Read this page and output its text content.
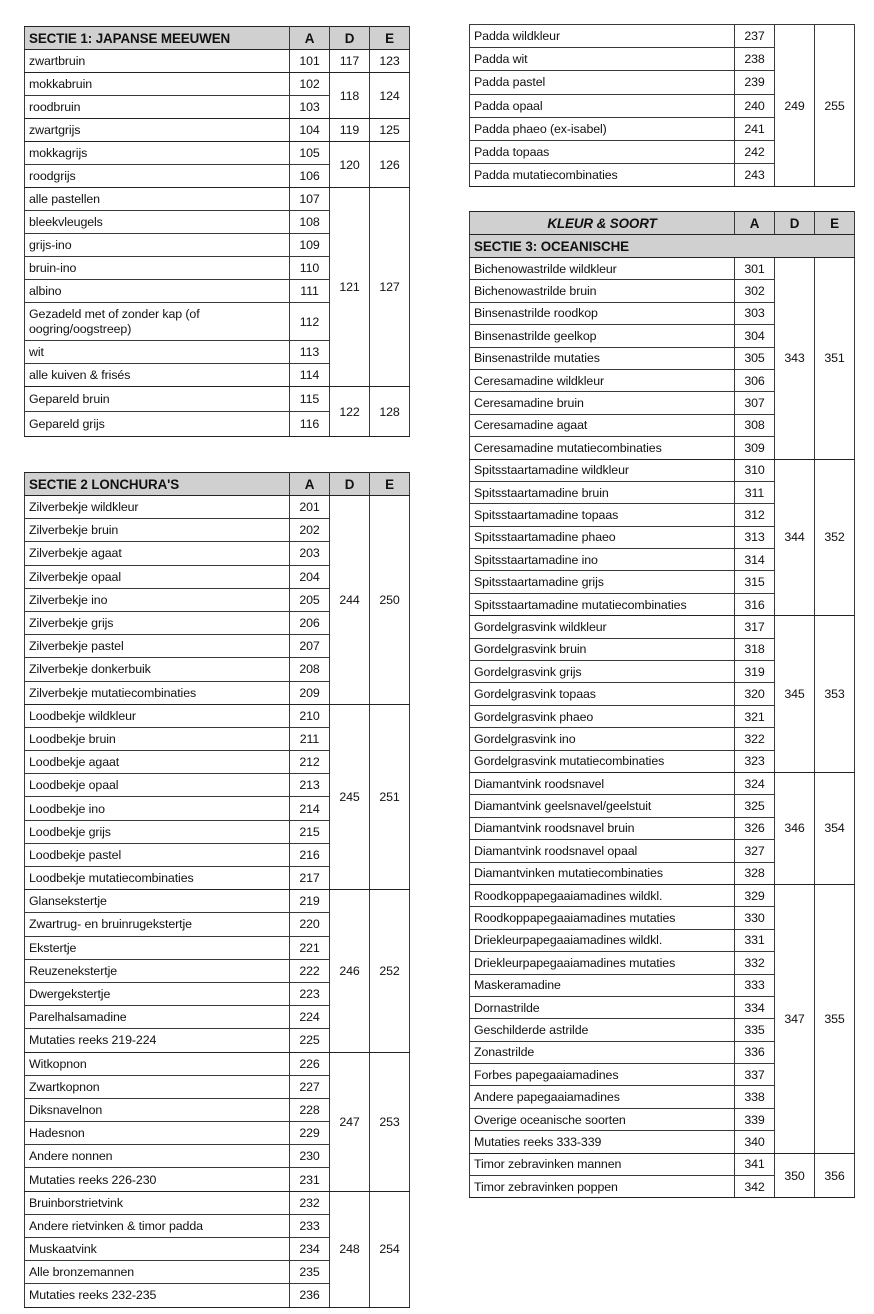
SECTIE 1: JAPANSE MEEUWEN	A	D	E
zwartbruin	101	117	123
mokkabruin	102	118	124
roodbruin	103		
zwartgrijs	104	119	125
mokkagrijs	105	120	126
roodgrijs	106		
alle pastellen	107	121	127
bleekvleugels	108		
grijs-ino	109		
bruin-ino	110		
albino	111		
Gezadeld met of zonder kap (of oogring/oogstreep)	112		
wit	113		
alle kuiven & frisés	114		
Gepareld bruin	115	122	128
Gepareld grijs	116		
SECTIE 2 LONCHURA'S	A	D	E
Zilverbekje wildkleur	201	244	250
Zilverbekje bruin	202		
Zilverbekje agaat	203		
Zilverbekje opaal	204		
Zilverbekje ino	205		
Zilverbekje grijs	206		
Zilverbekje pastel	207		
Zilverbekje donkerbuik	208		
Zilverbekje mutatiecombinaties	209		
Loodbekje wildkleur	210	245	251
Loodbekje bruin	211		
Loodbekje agaat	212		
Loodbekje opaal	213		
Loodbekje ino	214		
Loodbekje grijs	215		
Loodbekje pastel	216		
Loodbekje mutatiecombinaties	217		
Glansekstertje	219	246	252
Zwartrug- en bruinrugekstertje	220		
Ekstertje	221		
Reuzenekstertje	222		
Dwergekstertje	223		
Parelhalsamadine	224		
Mutaties reeks 219-224	225		
Witkopnon	226	247	253
Zwartkopnon	227		
Diksnavelnon	228		
Hadesnon	229		
Andere nonnen	230		
Mutaties reeks 226-230	231		
Bruinborstrietvink	232	248	254
Andere rietvinken & timor padda	233		
Muskaatvink	234		
Alle bronzemannen	235		
Mutaties reeks 232-235	236		
Padda wildkleur	237	249	255
Padda wit	238		
Padda pastel	239		
Padda opaal	240		
Padda phaeo (ex-isabel)	241		
Padda topaas	242		
Padda mutatiecombinaties	243		
KLEUR & SOORT	A	D	E
SECTIE 3: OCEANISCHE			
Bichenowastrilde wildkleur	301	343	351
Bichenowastrilde bruin	302		
Binsenastrilde roodkop	303		
Binsenastrilde geelkop	304		
Binsenastrilde mutaties	305		
Ceresamadine wildkleur	306		
Ceresamadine bruin	307		
Ceresamadine agaat	308		
Ceresamadine mutatiecombinaties	309		
Spitsstaartamadine wildkleur	310	344	352
Spitsstaartamadine bruin	311		
Spitsstaartamadine topaas	312		
Spitsstaartamadine phaeo	313		
Spitsstaartamadine ino	314		
Spitsstaartamadine grijs	315		
Spitsstaartamadine mutatiecombinaties	316		
Gordelgrasvink wildkleur	317	345	353
Gordelgrasvink bruin	318		
Gordelgrasvink grijs	319		
Gordelgrasvink topaas	320		
Gordelgrasvink phaeo	321		
Gordelgrasvink ino	322		
Gordelgrasvink mutatiecombinaties	323		
Diamantvink roodsnavel	324	346	354
Diamantvink geelsnavel/geelstuit	325		
Diamantvink roodsnavel bruin	326		
Diamantvink roodsnavel opaal	327		
Diamantvinken mutatiecombinaties	328		
Roodkoppapegaaiamadines wildkl.	329	347	355
Roodkoppapegaaiamadines mutaties	330		
Driekleurpapegaaiamadines wildkl.	331		
Driekleurpapegaaiamadines mutaties	332		
Maskeramadine	333		
Dornastrilde	334		
Geschilderde astrilde	335		
Zonastrilde	336		
Forbes papegaaiamadines	337		
Andere papegaaiamadines	338		
Overige oceanische soorten	339		
Mutaties reeks 333-339	340		
Timor zebravinken mannen	341	350	356
Timor zebravinken poppen	342		
